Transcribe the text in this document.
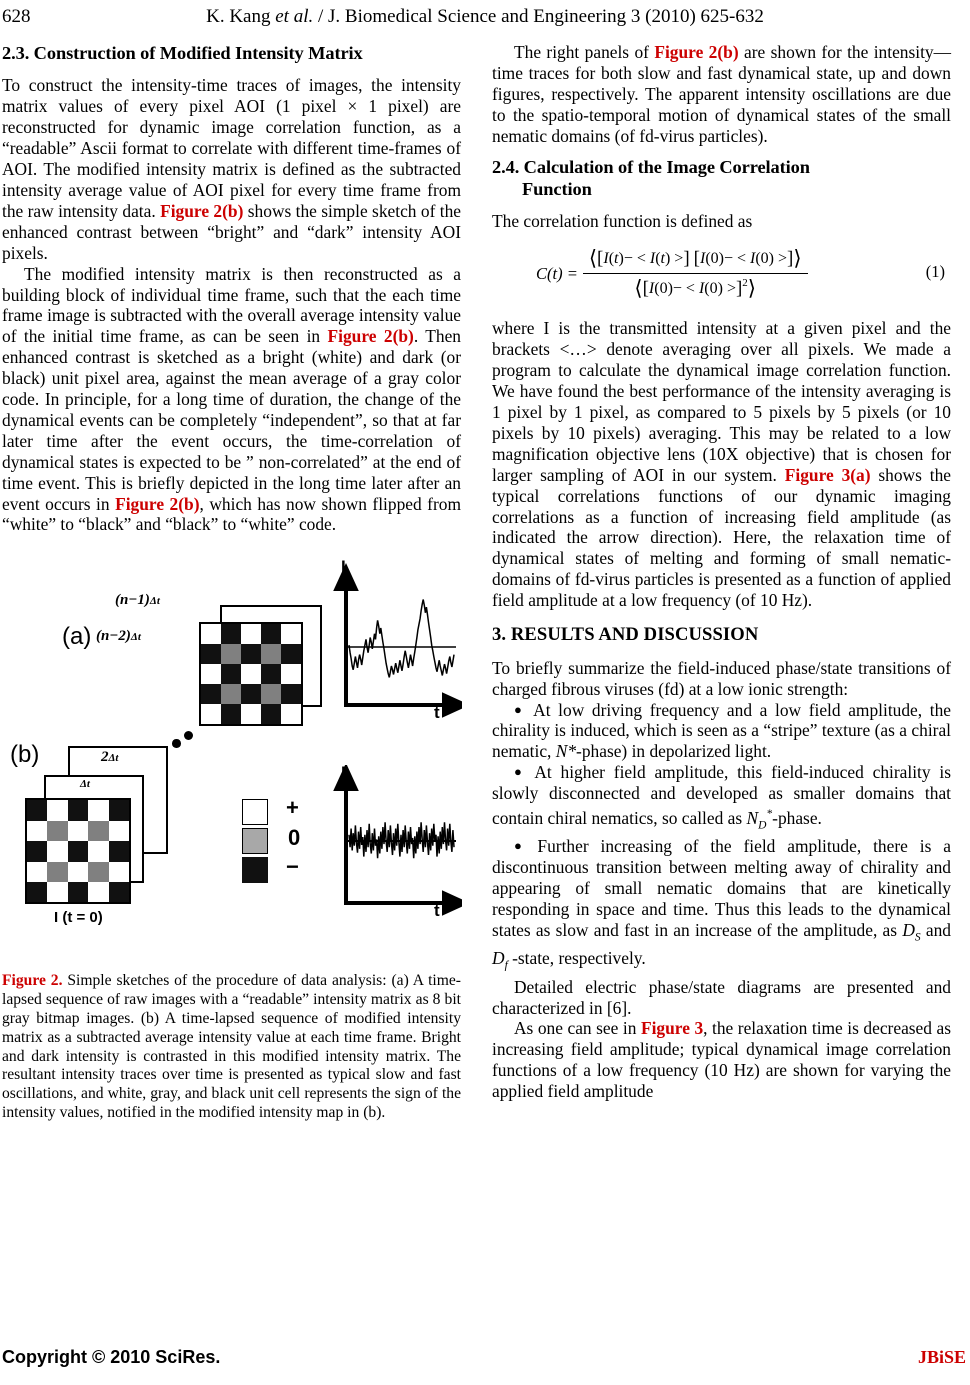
628	K. Kang et al. / J. Biomedical Science and Engineering 3 (2010) 625-632
2.3. Construction of Modified Intensity Matrix

To construct the intensity-time traces of images, the intensity matrix values of every pixel AOI (1 pixel × 1 pixel) are reconstructed for dynamic image correlation function, as a “readable” Ascii format to correlate with different time-frames of AOI. The modified intensity matrix is defined as the subtracted intensity average value of AOI pixel for every time frame from the raw intensity data. Figure 2(b) shows the simple sketch of the enhanced contrast between “bright” and “dark” intensity AOI pixels.

The modified intensity matrix is then reconstructed as a building block of individual time frame, such that the each time frame image is subtracted with the overall average intensity value of the initial time frame, as can be seen in Figure 2(b). Then enhanced contrast is sketched as a bright (white) and dark (or black) unit pixel area, against the mean average of a gray color code. In principle, for a long time of duration, the change of the dynamical events can be completely “independent”, so that at far later time after the event occurs, the time-correlation of dynamical states is expected to be ” non-correlated” at the end of time event. This is briefly depicted in the long time later after an event occurs in Figure 2(b), which has now shown flipped from “white” to “black” and “black” to “white” code.

(a)
(b)
(n−1)Δt
(n−2)Δt
2Δt
Δt
I (t = 0)
+
0
−
I
t
I
t

Figure 2. Simple sketches of the procedure of data analysis: (a) A time-lapsed sequence of raw images with a “readable” intensity matrix as 8 bit gray bitmap images. (b) A time-lapsed sequence of modified intensity matrix as a subtracted average intensity value at each time frame. Bright and dark intensity is contrasted in this modified intensity matrix. The resultant intensity traces over time is presented as typical slow and fast oscillations, and white, gray, and black unit cell represents the sign of the intensity values, notified in the modified intensity map in (b).

The right panels of Figure 2(b) are shown for the intensity—time traces for both slow and fast dynamical state, up and down figures, respectively. The apparent intensity oscillations are due to the spatio-temporal motion of dynamical states of the small nematic domains (of fd-virus particles).

2.4. Calculation of the Image Correlation
Function

The correlation function is defined as

$C(t) = \frac{⟨[I(t)- < I(t) >] [I(0)- < I(0) >]⟩}{⟨[I(0)- < I(0) >]^2⟩}$	(1)

where I is the transmitted intensity at a given pixel and the brackets <…> denote averaging over all pixels. We made a program to calculate the dynamical image correlation function. We have found the best performance of the intensity averaging is 1 pixel by 1 pixel, as compared to 5 pixels by 5 pixels (or 10 pixels by 10 pixels) averaging. This may be related to a low magnification objective lens (10X objective) that is chosen for larger sampling of AOI in our system. Figure 3(a) shows the typical correlations functions of our dynamic imaging correlations as a function of increasing field amplitude (as indicated the arrow direction). Here, the relaxation time of dynamical states of melting and forming of small nematic-domains of fd-virus particles is presented as a function of applied field amplitude at a low frequency (of 10 Hz).

3. RESULTS AND DISCUSSION

To briefly summarize the field-induced phase/state transitions of charged fibrous viruses (fd) at a low ionic strength:

● At low driving frequency and a low field amplitude, the chirality is induced, which is seen as a “stripe” texture (as a chiral nematic, N*-phase) in depolarized light.
● At higher field amplitude, this field-induced chirality is slowly disconnected and developed as smaller domains that contain chiral nematics, so called as $N_D^*$-phase.
● Further increasing of the field amplitude, there is a discontinuous transition between melting away of chirality and appearing of small nematic domains that are kinetically responding in space and time. Thus this leads to the dynamical states as slow and fast in an increase of the amplitude, as $D_S$ and $D_f$ -state, respectively.

Detailed electric phase/state diagrams are presented and characterized in [6].

As one can see in Figure 3, the relaxation time is decreased as increasing field amplitude; typical dynamical image correlation functions of a low frequency (10 Hz) are shown for varying the applied field amplitude

Copyright © 2010 SciRes.	JBiSE
